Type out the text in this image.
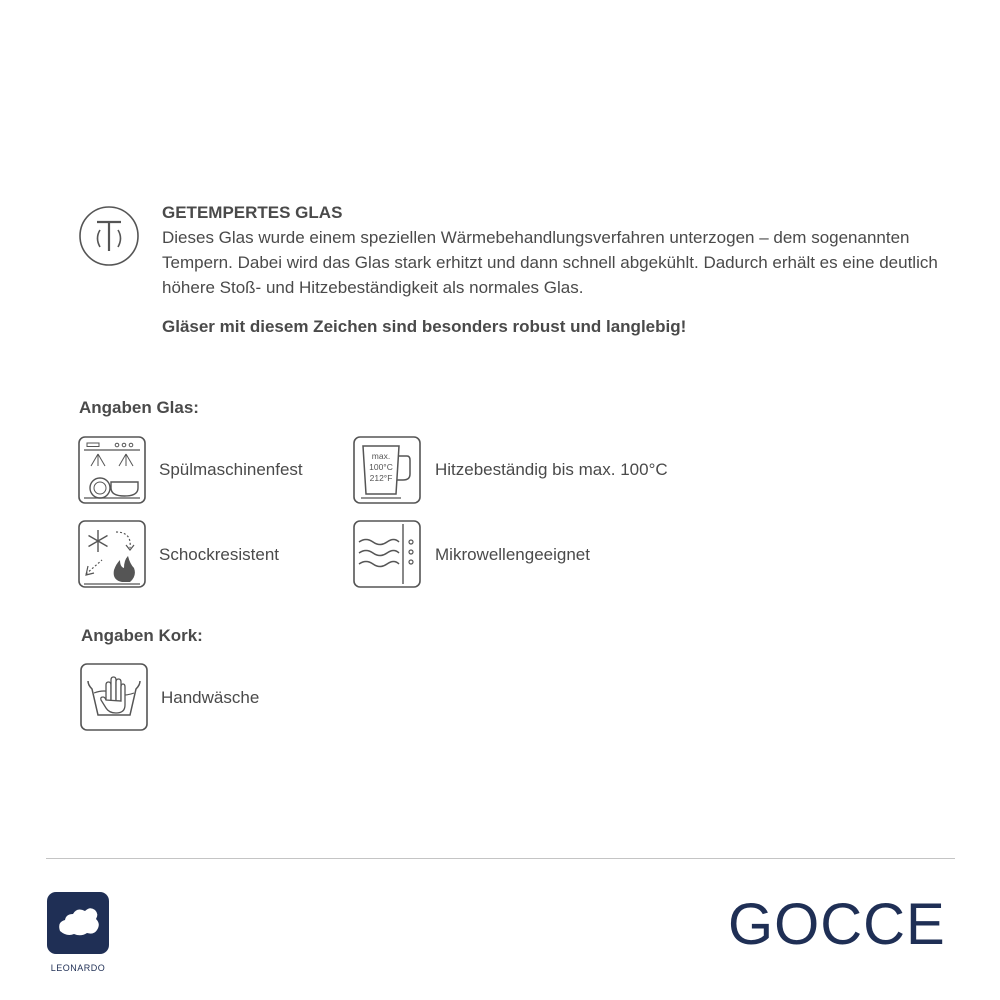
GETEMPERTES GLAS

Dieses Glas wurde einem speziellen Wärmebehandlungsverfahren unterzogen – dem sogenannten Tempern. Dabei wird das Glas stark erhitzt und dann schnell abgekühlt. Dadurch erhält es eine deutlich höhere Stoß- und Hitzebeständigkeit als normales Glas.

Gläser mit diesem Zeichen sind besonders robust und langlebig!

Angaben Glas:
Spülmaschinenfest
max.
100°C
212°F	Hitzebeständig bis max. 100°C
Schockresistent	Mikrowellengeeignet
Angaben Kork:
Handwäsche
LEONARDO
GOCCE
